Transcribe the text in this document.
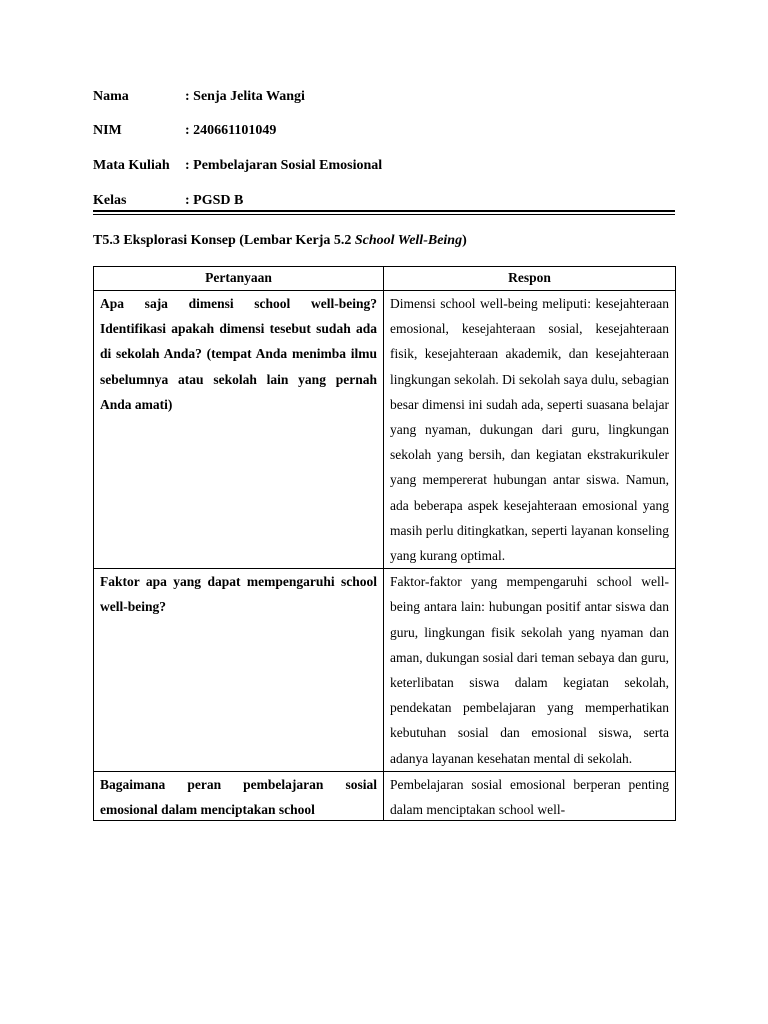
Nama	: Senja Jelita Wangi
NIM	: 240661101049
Mata Kuliah : Pembelajaran Sosial Emosional
Kelas	: PGSD B
T5.3 Eksplorasi Konsep (Lembar Kerja 5.2 School Well-Being)
Pertanyaan	Respon
Apa saja dimensi school well-being? Identifikasi apakah dimensi tesebut sudah ada di sekolah Anda? (tempat Anda menimba ilmu sebelumnya atau sekolah lain yang pernah Anda amati)	Dimensi school well-being meliputi: kesejahteraan emosional, kesejahteraan sosial, kesejahteraan fisik, kesejahteraan akademik, dan kesejahteraan lingkungan sekolah. Di sekolah saya dulu, sebagian besar dimensi ini sudah ada, seperti suasana belajar yang nyaman, dukungan dari guru, lingkungan sekolah yang bersih, dan kegiatan ekstrakurikuler yang mempererat hubungan antar siswa. Namun, ada beberapa aspek kesejahteraan emosional yang masih perlu ditingkatkan, seperti layanan konseling yang kurang optimal.
Faktor apa yang dapat mempengaruhi school well-being?	Faktor-faktor yang mempengaruhi school well-being antara lain: hubungan positif antar siswa dan guru, lingkungan fisik sekolah yang nyaman dan aman, dukungan sosial dari teman sebaya dan guru, keterlibatan siswa dalam kegiatan sekolah, pendekatan pembelajaran yang memperhatikan kebutuhan sosial dan emosional siswa, serta adanya layanan kesehatan mental di sekolah.

Bagaimana peran pembelajaran sosial emosional dalam menciptakan school	Pembelajaran sosial emosional berperan penting dalam menciptakan school well-
